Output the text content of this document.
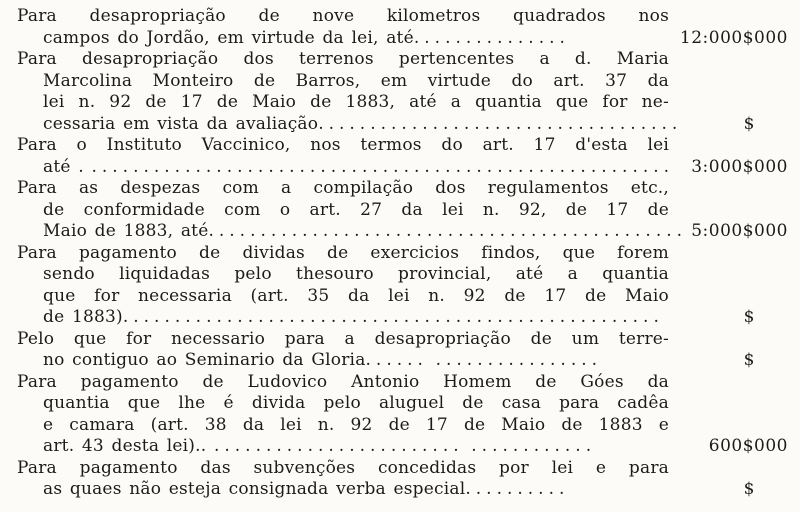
Para desapropriação de nove kilometros quadrados nos
campos do Jordão, em virtude da lei, até...............	12:000$000
Para desapropriação dos terrenos pertencentes a d. Maria
Marcolina Monteiro de Barros, em virtude do art. 37 da
lei n. 92 de 17 de Maio de 1883, até a quantia que for ne-
cessaria em vista da avaliação...................................	$
Para o Instituto Vaccinico, nos termos do art. 17 d'esta lei
até . ........................................................	3:000$000
Para as despezas com a compilação dos regulamentos etc.,
de conformidade com o art. 27 da lei n. 92, de 17 de
Maio de 1883, até.............................................. 5:000$000
Para pagamento de dividas de exercicios findos, que forem
sendo liquidadas pelo thesouro provincial, até a quantia
que for necessaria (art. 35 da lei n. 92 de 17 de Maio
de 1883)....................................................	$
Pelo que for necessario para a desapropriação de um terre-
no contiguo ao Seminario da Gloria...... ................	$
Para pagamento de Ludovico Antonio Homem de Góes da
quantia que lhe é divida pelo aluguel de casa para cadêa
e camara (art. 38 da lei n. 92 de 17 de Maio de 1883 e
art. 43 desta lei).. ........................ ............	600$000
Para pagamento das subvenções concedidas por lei e para
as quaes não esteja consignada verba especial..........	$
